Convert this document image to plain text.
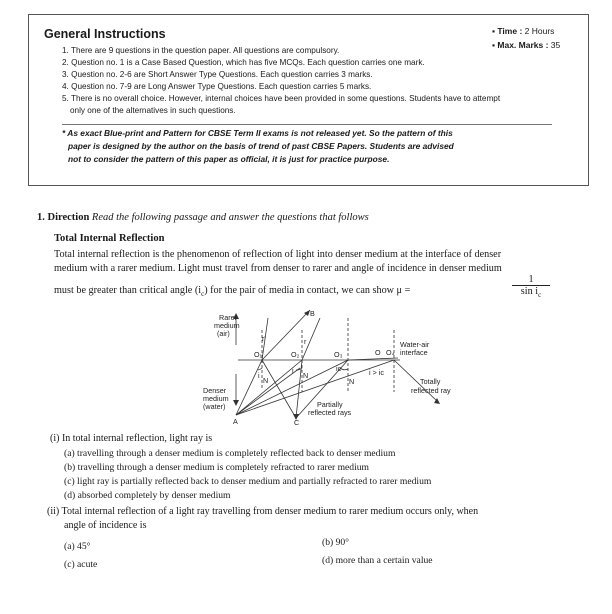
General Instructions	▪ Time : 2 Hours
▪ Max. Marks : 35
1. There are 9 questions in the question paper. All questions are compulsory.
2. Question no. 1 is a Case Based Question, which has five MCQs. Each question carries one mark.
3. Question no. 2-6 are Short Answer Type Questions. Each question carries 3 marks.
4. Question no. 7-9 are Long Answer Type Questions. Each question carries 5 marks.
5. There is no overall choice. However, internal choices have been provided in some questions. Students have to attempt
only one of the alternatives in such questions.
* As exact Blue-print and Pattern for CBSE Term II exams is not released yet. So the pattern of this
paper is designed by the author on the basis of trend of past CBSE Papers. Students are advised
not to consider the pattern of this paper as official, it is just for practice purpose.
1. Direction Read the following passage and answer the questions that follows
Total Internal Reflection
Total internal reflection is the phenomenon of reflection of light into denser medium at the interface of denser
medium with a rarer medium. Light must travel from denser to rarer and angle of incidence in denser medium
must be greater than critical angle $(i_c)$ for the pair of media in contact, we can show μ =	$\frac{1}{\sin i_c}$
Rarer
medium
(air)
Denser
medium
(water)
Water-air
interface
Totally
reflected ray
Partially
reflected rays
O₁	O₂	O₃	O O₄
A
B
C
N
N
N
r'
i
r
i	iᴄ	i > iᴄ
(i) In total internal reflection, light ray is
(a) travelling through a denser medium is completely reflected back to denser medium
(b) travelling through a denser medium is completely refracted to rarer medium
(c) light ray is partially reflected back to denser medium and partially refracted to rarer medium
(d) absorbed completely by denser medium
(ii) Total internal reflection of a light ray travelling from denser medium to rarer medium occurs only, when
angle of incidence is
(a) 45°	(b) 90°
(c) acute	(d) more than a certain value
